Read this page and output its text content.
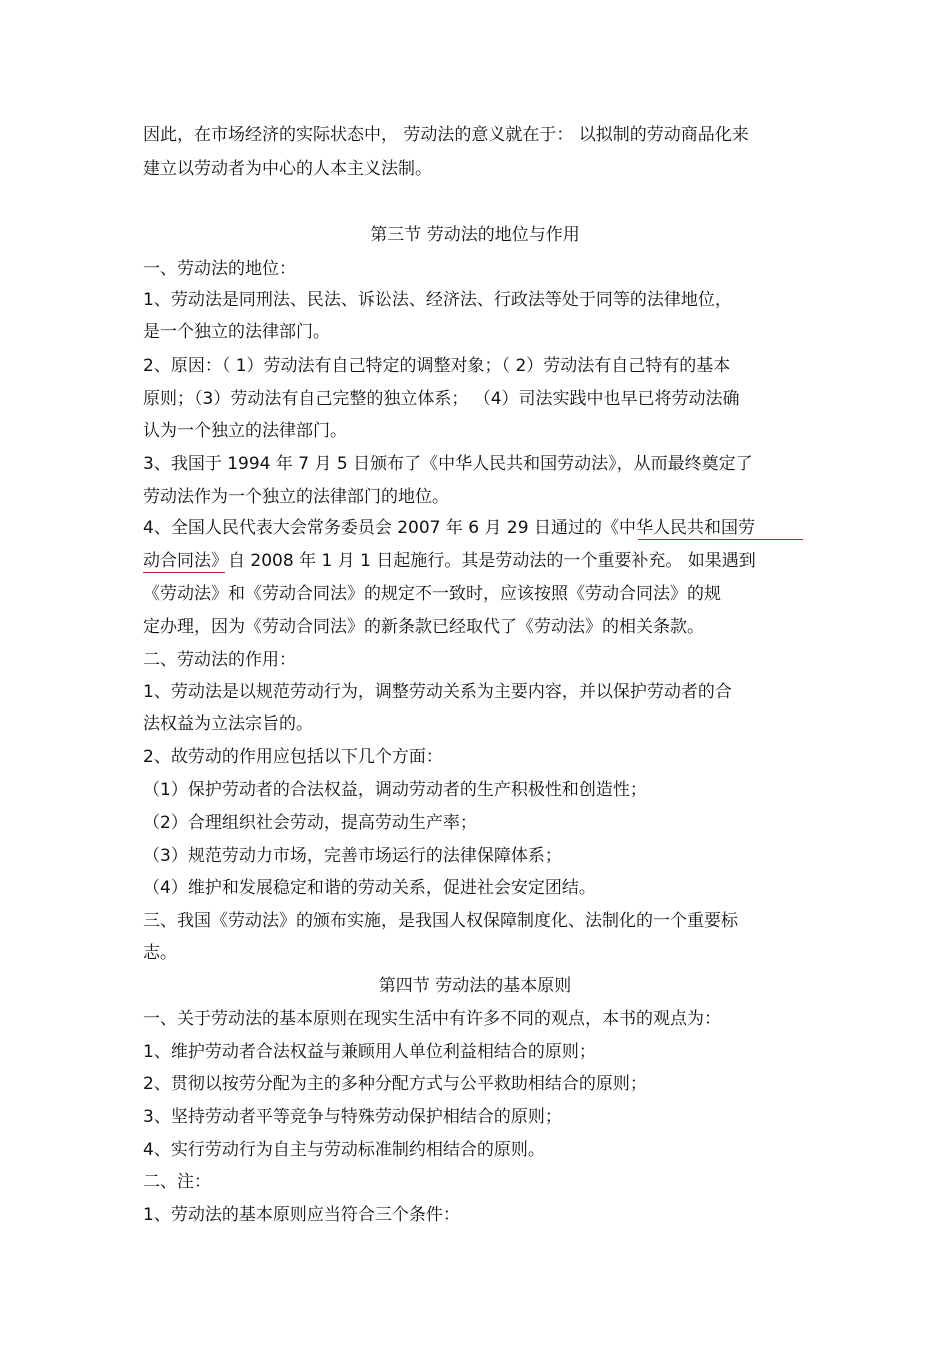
因此，在市场经济的实际状态中， 劳动法的意义就在于： 以拟制的劳动商品化来
建立以劳动者为中心的人本主义法制。
第三节 劳动法的地位与作用
一、劳动法的地位：
1、劳动法是同刑法、民法、诉讼法、经济法、行政法等处于同等的法律地位，
是一个独立的法律部门。
2、原因：（ 1）劳动法有自己特定的调整对象；（ 2）劳动法有自己特有的基本
原则；（3）劳动法有自己完整的独立体系； （4）司法实践中也早已将劳动法确
认为一个独立的法律部门。
3、我国于 1994 年 7 月 5 日颁布了《中华人民共和国劳动法》，从而最终奠定了
劳动法作为一个独立的法律部门的地位。
4、全国人民代表大会常务委员会 2007 年 6 月 29 日通过的《中华人民共和国劳
动合同法》自 2008 年 1 月 1 日起施行。其是劳动法的一个重要补充。 如果遇到
《劳动法》和《劳动合同法》的规定不一致时，应该按照《劳动合同法》的规
定办理，因为《劳动合同法》的新条款已经取代了《劳动法》的相关条款。
二、劳动法的作用：
1、劳动法是以规范劳动行为，调整劳动关系为主要内容，并以保护劳动者的合
法权益为立法宗旨的。
2、故劳动的作用应包括以下几个方面：
（1）保护劳动者的合法权益，调动劳动者的生产积极性和创造性；
（2）合理组织社会劳动，提高劳动生产率；
（3）规范劳动力市场，完善市场运行的法律保障体系；
（4）维护和发展稳定和谐的劳动关系，促进社会安定团结。
三、我国《劳动法》的颁布实施，是我国人权保障制度化、法制化的一个重要标
志。
第四节 劳动法的基本原则
一、关于劳动法的基本原则在现实生活中有许多不同的观点，本书的观点为：
1、维护劳动者合法权益与兼顾用人单位利益相结合的原则；
2、贯彻以按劳分配为主的多种分配方式与公平救助相结合的原则；
3、坚持劳动者平等竞争与特殊劳动保护相结合的原则；
4、实行劳动行为自主与劳动标准制约相结合的原则。
二、注：
1、劳动法的基本原则应当符合三个条件：
